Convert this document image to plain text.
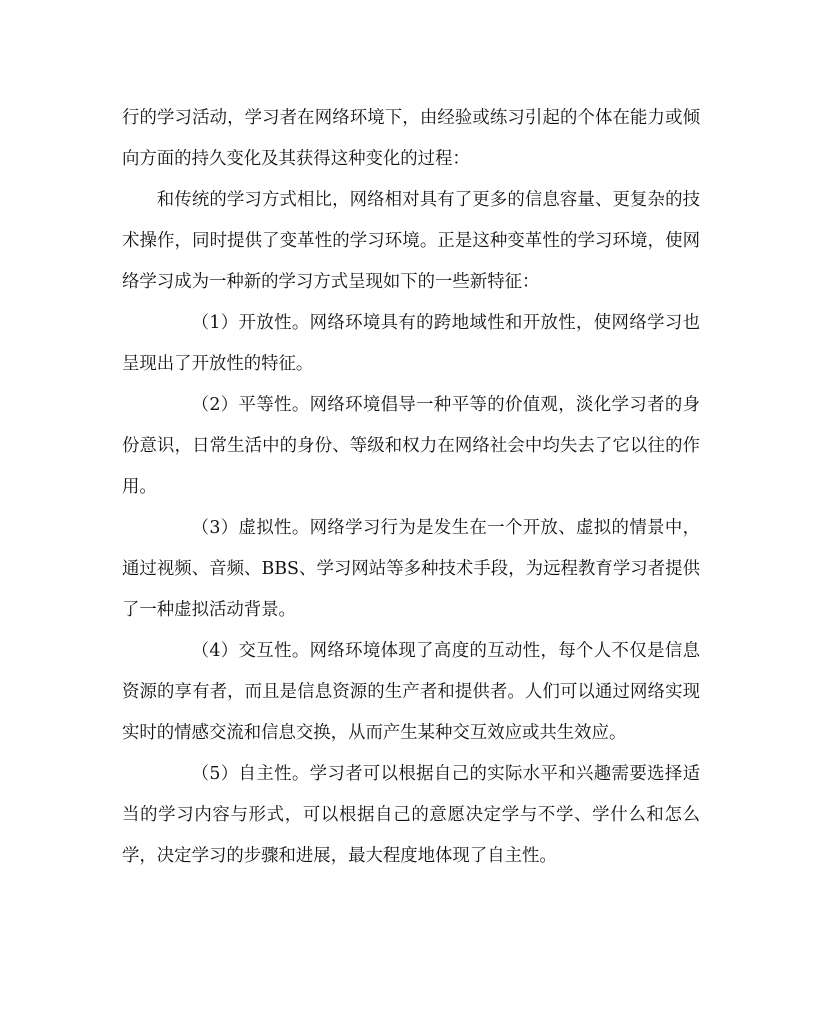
行的学习活动，学习者在网络环境下，由经验或练习引起的个体在能力或倾向方面的持久变化及其获得这种变化的过程：

和传统的学习方式相比，网络相对具有了更多的信息容量、更复杂的技术操作，同时提供了变革性的学习环境。正是这种变革性的学习环境，使网络学习成为一种新的学习方式呈现如下的一些新特征：

（1）开放性。网络环境具有的跨地域性和开放性，使网络学习也呈现出了开放性的特征。

（2）平等性。网络环境倡导一种平等的价值观，淡化学习者的身份意识，日常生活中的身份、等级和权力在网络社会中均失去了它以往的作用。

（3）虚拟性。网络学习行为是发生在一个开放、虚拟的情景中，通过视频、音频、BBS、学习网站等多种技术手段，为远程教育学习者提供了一种虚拟活动背景。

（4）交互性。网络环境体现了高度的互动性，每个人不仅是信息资源的享有者，而且是信息资源的生产者和提供者。人们可以通过网络实现实时的情感交流和信息交换，从而产生某种交互效应或共生效应。

（5）自主性。学习者可以根据自己的实际水平和兴趣需要选择适当的学习内容与形式，可以根据自己的意愿决定学与不学、学什么和怎么学，决定学习的步骤和进展，最大程度地体现了自主性。
